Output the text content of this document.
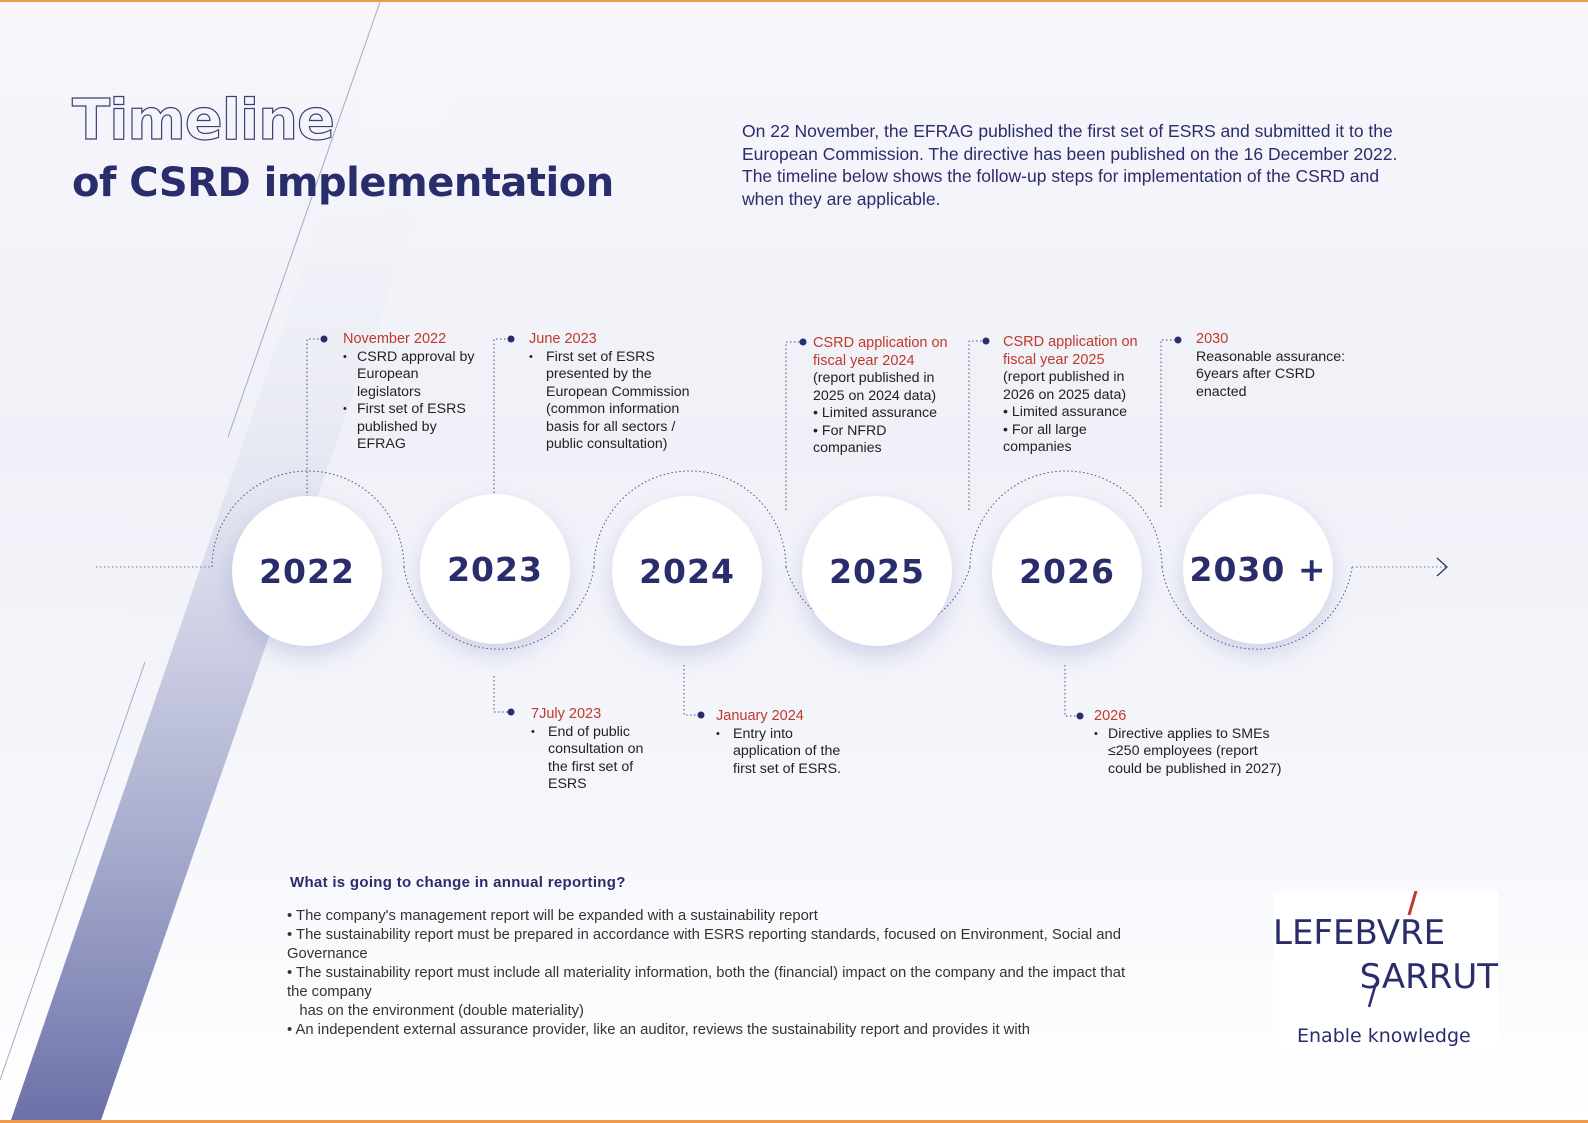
Timeline
of CSRD implementation
On 22 November, the EFRAG published the first set of ESRS and submitted it to the European Commission. The directive has been published on the 16 December 2022. The timeline below shows the follow-up steps for implementation of the CSRD and when they are applicable.
2022	2023	2024	2025	2026	2030 +
November 2022
• CSRD approval by European legislators
• First set of ESRS published by EFRAG
June 2023
• First set of ESRS presented by the European Commission (common information basis for all sectors / public consultation)
CSRD application on fiscal year 2024
(report published in 2025 on 2024 data)
• Limited assurance
• For NFRD
companies
CSRD application on fiscal year 2025
(report published in 2026 on 2025 data)
• Limited assurance
• For all large
companies
2030
Reasonable assurance: 6years after CSRD enacted
7July 2023
• End of public consultation on the first set of ESRS
January 2024
• Entry into application of the first set of ESRS.
2026
• Directive applies to SMEs ≤250 employees (report could be published in 2027)
What is going to change in annual reporting?

• The company's management report will be expanded with a sustainability report

• The sustainability report must be prepared in accordance with ESRS reporting standards, focused on Environment, Social and Governance

• The sustainability report must include all materiality information, both the (financial) impact on the company and the impact that the company
has on the environment (double materiality)

• An independent external assurance provider, like an auditor, reviews the sustainability report and provides it with

LEFEBVRE
SARRUT
Enable knowledge
